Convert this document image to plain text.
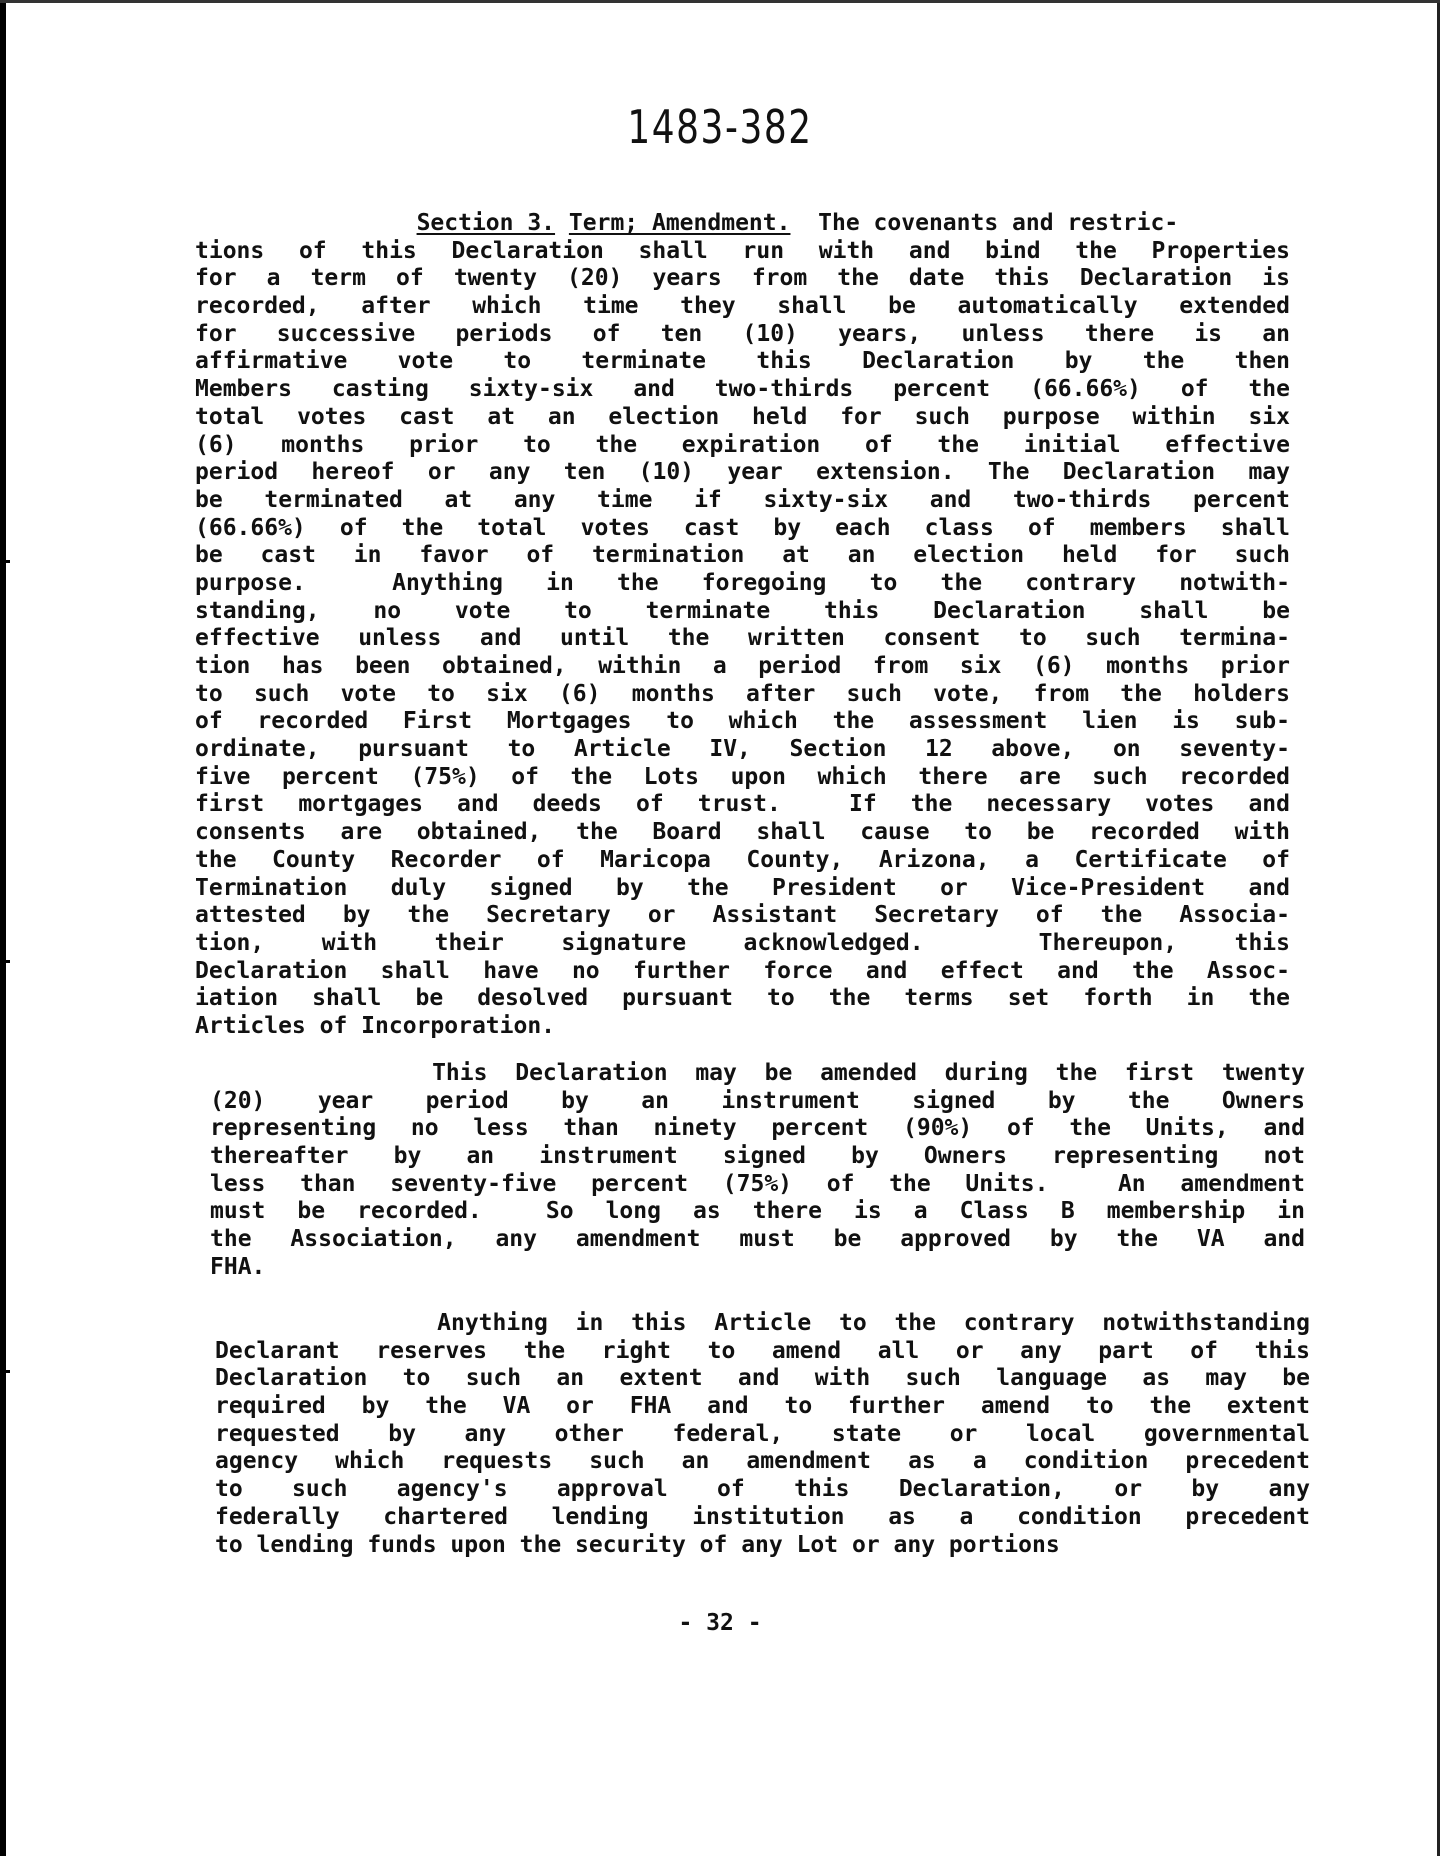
1483-382
Section 3. Term; Amendment.  The covenants and restric-
tions of this Declaration shall run with and bind the Properties
for a term of twenty (20) years from the date this Declaration is
recorded, after which time they shall be automatically extended
for successive periods of ten (10) years, unless there is an
affirmative vote to terminate this Declaration by the then
Members casting sixty-six and two-thirds percent (66.66%) of the
total votes cast at an election held for such purpose within six
(6) months prior to the expiration of the initial effective
period hereof or any ten (10) year extension. The Declaration may
be terminated at any time if sixty-six and two-thirds percent
(66.66%) of the total votes cast by each class of members shall
be cast in favor of termination at an election held for such
purpose.  Anything in the foregoing to the contrary notwith-
standing, no vote to terminate this Declaration shall be
effective unless and until the written consent to such termina-
tion has been obtained, within a period from six (6) months prior
to such vote to six (6) months after such vote, from the holders
of recorded First Mortgages to which the assessment lien is sub-
ordinate, pursuant to Article IV, Section 12 above, on seventy-
five percent (75%) of the Lots upon which there are such recorded
first mortgages and deeds of trust.  If the necessary votes and
consents are obtained, the Board shall cause to be recorded with
the County Recorder of Maricopa County, Arizona, a Certificate of
Termination duly signed by the President or Vice-President and
attested by the Secretary or Assistant Secretary of the Associa-
tion, with their signature acknowledged.  Thereupon, this
Declaration shall have no further force and effect and the Assoc-
iation shall be desolved pursuant to the terms set forth in the
Articles of Incorporation.
This Declaration may be amended during the first twenty
(20) year period by an instrument signed by the Owners
representing no less than ninety percent (90%) of the Units, and
thereafter by an instrument signed by Owners representing not
less than seventy-five percent (75%) of the Units.  An amendment
must be recorded.  So long as there is a Class B membership in
the Association, any amendment must be approved by the VA and
FHA.
Anything in this Article to the contrary notwithstanding
Declarant reserves the right to amend all or any part of this
Declaration to such an extent and with such language as may be
required by the VA or FHA and to further amend to the extent
requested by any other federal, state or local governmental
agency which requests such an amendment as a condition precedent
to such agency's approval of this Declaration, or by any
federally chartered lending institution as a condition precedent
to lending funds upon the security of any Lot or any portions
- 32 -
